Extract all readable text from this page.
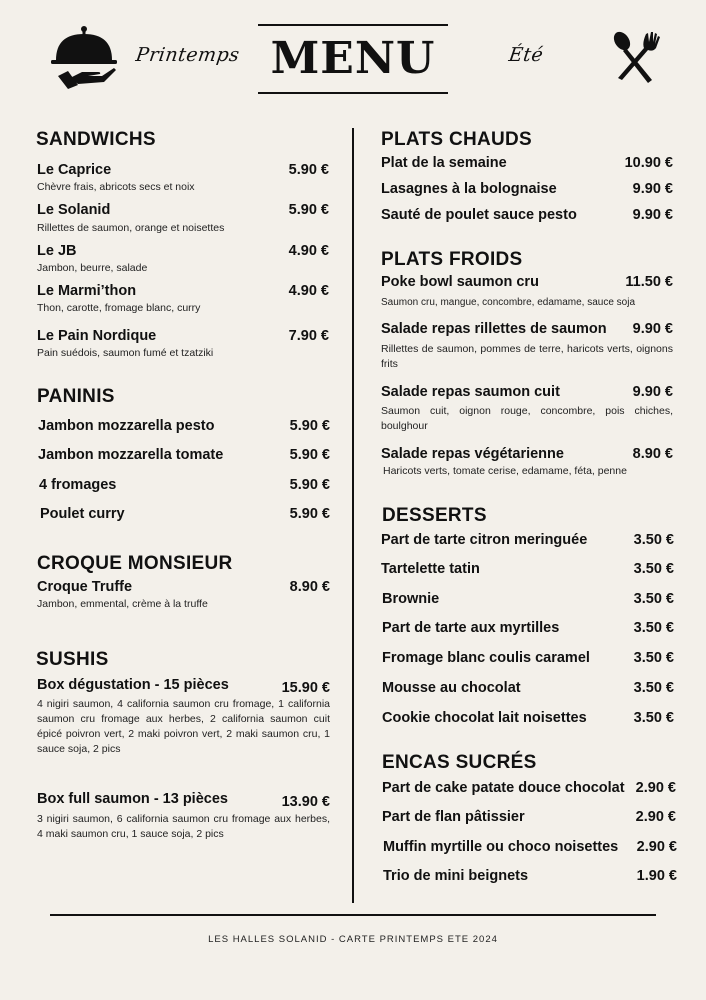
Printemps MENU	Été
SANDWICHS
Le Caprice	5.90 €
Chèvre frais, abricots secs et noix
Le Solanid	5.90 €
Rillettes de saumon, orange et noisettes
Le JB	4.90 €
Jambon, beurre, salade
Le Marmi’thon	4.90 €
Thon, carotte, fromage blanc, curry
Le Pain Nordique	7.90 €
Pain suédois, saumon fumé et tzatziki
PANINIS
Jambon mozzarella pesto	5.90 €
Jambon mozzarella tomate	5.90 €
4 fromages	5.90 €
Poulet curry	5.90 €
CROQUE MONSIEUR
Croque Truffe	8.90 €
Jambon, emmental, crème à la truffe
SUSHIS
Box dégustation - 15 pièces	15.90 €
4 nigiri saumon, 4 california saumon cru fromage, 1 california saumon cru fromage aux herbes, 2 california saumon cuit épicé poivron vert, 2 maki poivron vert, 2 maki saumon cru, 1 sauce soja, 2 pics
Box full saumon - 13 pièces	13.90 €
3 nigiri saumon, 6 california saumon cru fromage aux herbes, 4 maki saumon cru, 1 sauce soja, 2 pics
PLATS CHAUDS
Plat de la semaine	10.90 €
Lasagnes à la bolognaise	9.90 €
Sauté de poulet sauce pesto	9.90 €
PLATS FROIDS
Poke bowl saumon cru	11.50 €
Saumon cru, mangue, concombre, edamame, sauce soja
Salade repas rillettes de saumon 9.90 €
Rillettes de saumon, pommes de terre, haricots verts, oignons frits
Salade repas saumon cuit	9.90 €
Saumon cuit, oignon rouge, concombre, pois chiches, boulghour
Salade repas végétarienne	8.90 €
Haricots verts, tomate cerise, edamame, féta, penne
DESSERTS
Part de tarte citron meringuée	3.50 €
Tartelette tatin	3.50 €
Brownie	3.50 €
Part de tarte aux myrtilles	3.50 €
Fromage blanc coulis caramel	3.50 €
Mousse au chocolat	3.50 €
Cookie chocolat lait noisettes	3.50 €
ENCAS SUCRÉS
Part de cake patate douce chocolat 2.90 €
Part de flan pâtissier	2.90 €
Muffin myrtille ou choco noisettes 2.90 €
Trio de mini beignets	1.90 €
LES HALLES SOLANID - CARTE PRINTEMPS ETE 2024
